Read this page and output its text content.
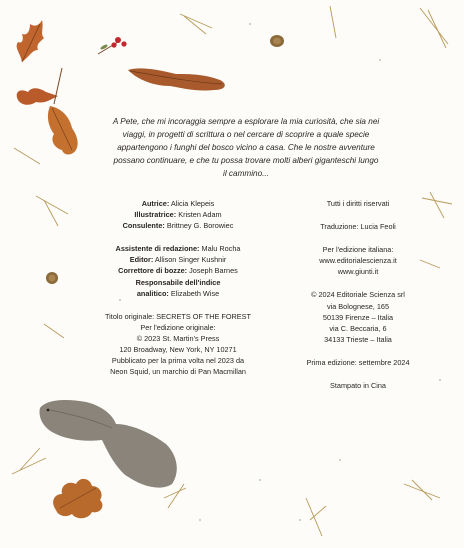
A Pete, che mi incoraggia sempre a esplorare la mia curiosità, che sia nei viaggi, in progetti di scrittura o nel cercare di scoprire a quale specie appartengono i funghi del bosco vicino a casa. Che le nostre avventure possano continuare, e che tu possa trovare molti alberi giganteschi lungo il cammino...
Autrice: Alicia Klepeis
Illustratrice: Kristen Adam
Consulente: Brittney G. Borowiec
Assistente di redazione: Malu Rocha
Editor: Allison Singer Kushnir
Correttore di bozze: Joseph Barnes
Responsabile dell'indice
analitico: Elizabeth Wise
Titolo originale: SECRETS OF THE FOREST
Per l'edizione originale:
© 2023 St. Martin's Press
120 Broadway, New York, NY 10271
Pubblicato per la prima volta nel 2023 da
Neon Squid, un marchio di Pan Macmillan
Tutti i diritti riservati
Traduzione: Lucia Feoli
Per l'edizione italiana:
www.editorialescienza.it
www.giunti.it
© 2024 Editoriale Scienza srl
via Bolognese, 165
50139 Firenze – Italia
via C. Beccaria, 6
34133 Trieste – Italia
Prima edizione: settembre 2024
Stampato in Cina
